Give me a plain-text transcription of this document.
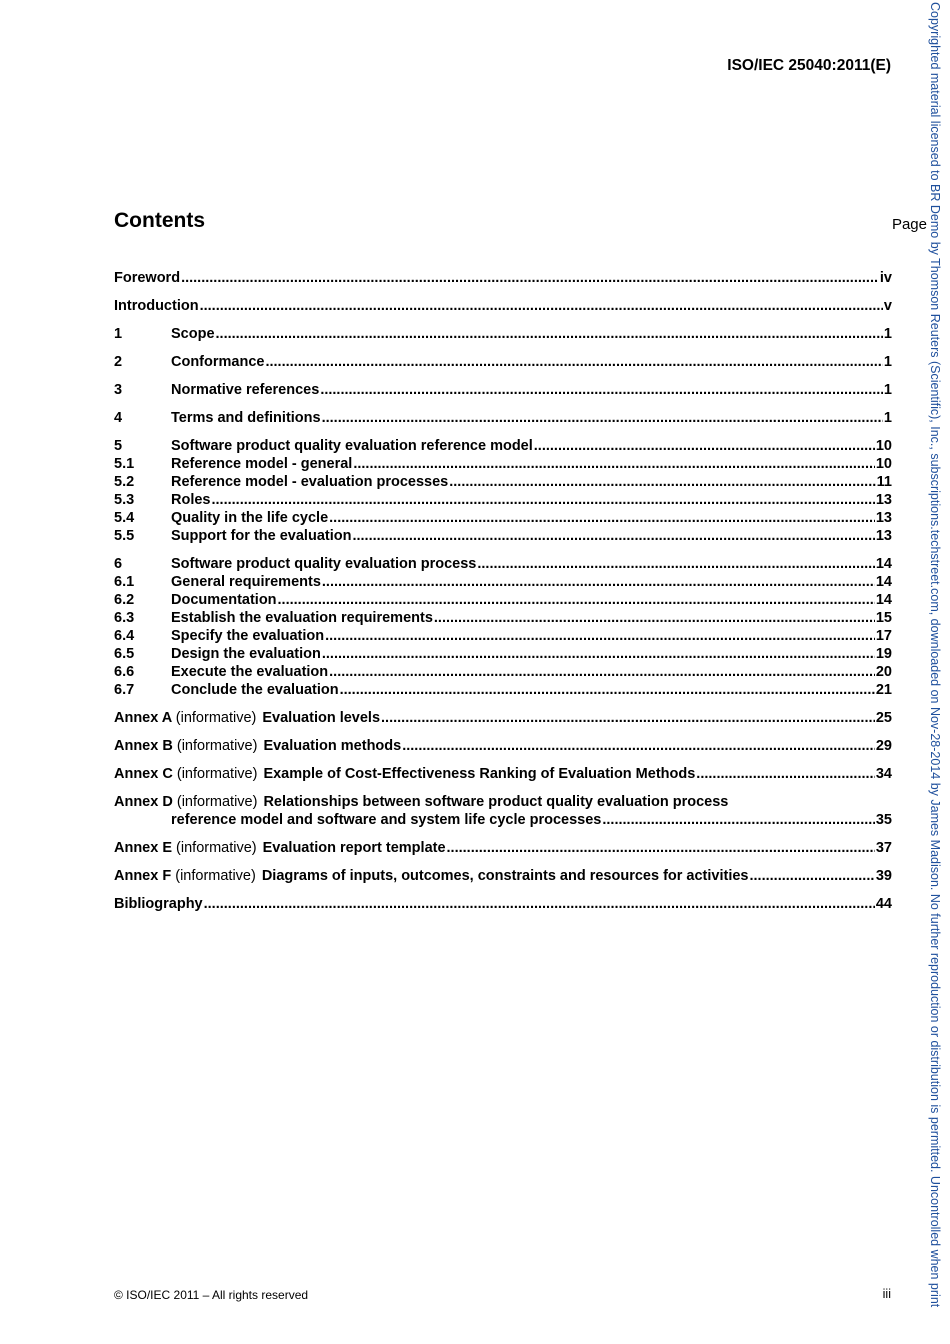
ISO/IEC 25040:2011(E)
Contents	Page
Foreword .....	iv
Introduction .....	v
1	Scope .....	1
2	Conformance .....	1
3	Normative references .....	1
4	Terms and definitions .....	1
5	Software product quality evaluation reference model .....	10
5.1	Reference model - general .....	10
5.2	Reference model - evaluation processes .....	11
5.3	Roles .....	13
5.4	Quality in the life cycle .....	13
5.5	Support for the evaluation .....	13
6	Software product quality evaluation process .....	14
6.1	General requirements .....	14
6.2	Documentation .....	14
6.3	Establish the evaluation requirements .....	15
6.4	Specify the evaluation .....	17
6.5	Design the evaluation .....	19
6.6	Execute the evaluation .....	20
6.7	Conclude the evaluation .....	21
Annex A (informative) Evaluation levels .....	25
Annex B (informative) Evaluation methods .....	29
Annex C (informative) Example of Cost-Effectiveness Ranking of Evaluation Methods .....	34
Annex D (informative) Relationships between software product quality evaluation process
reference model and software and system life cycle processes .....	35
Annex E (informative) Evaluation report template .....	37
Annex F (informative) Diagrams of inputs, outcomes, constraints and resources for activities .....	39
Bibliography .....	44	Copyrighted material licensed to BR Demo by Thomson Reuters (Scientific), Inc., subscriptions.techstreet.com, downloaded on Nov-28-2014 by James Madison. No further reproduction or distribution is permitted. Uncontrolled when print
© ISO/IEC 2011 – All rights reserved	iii
